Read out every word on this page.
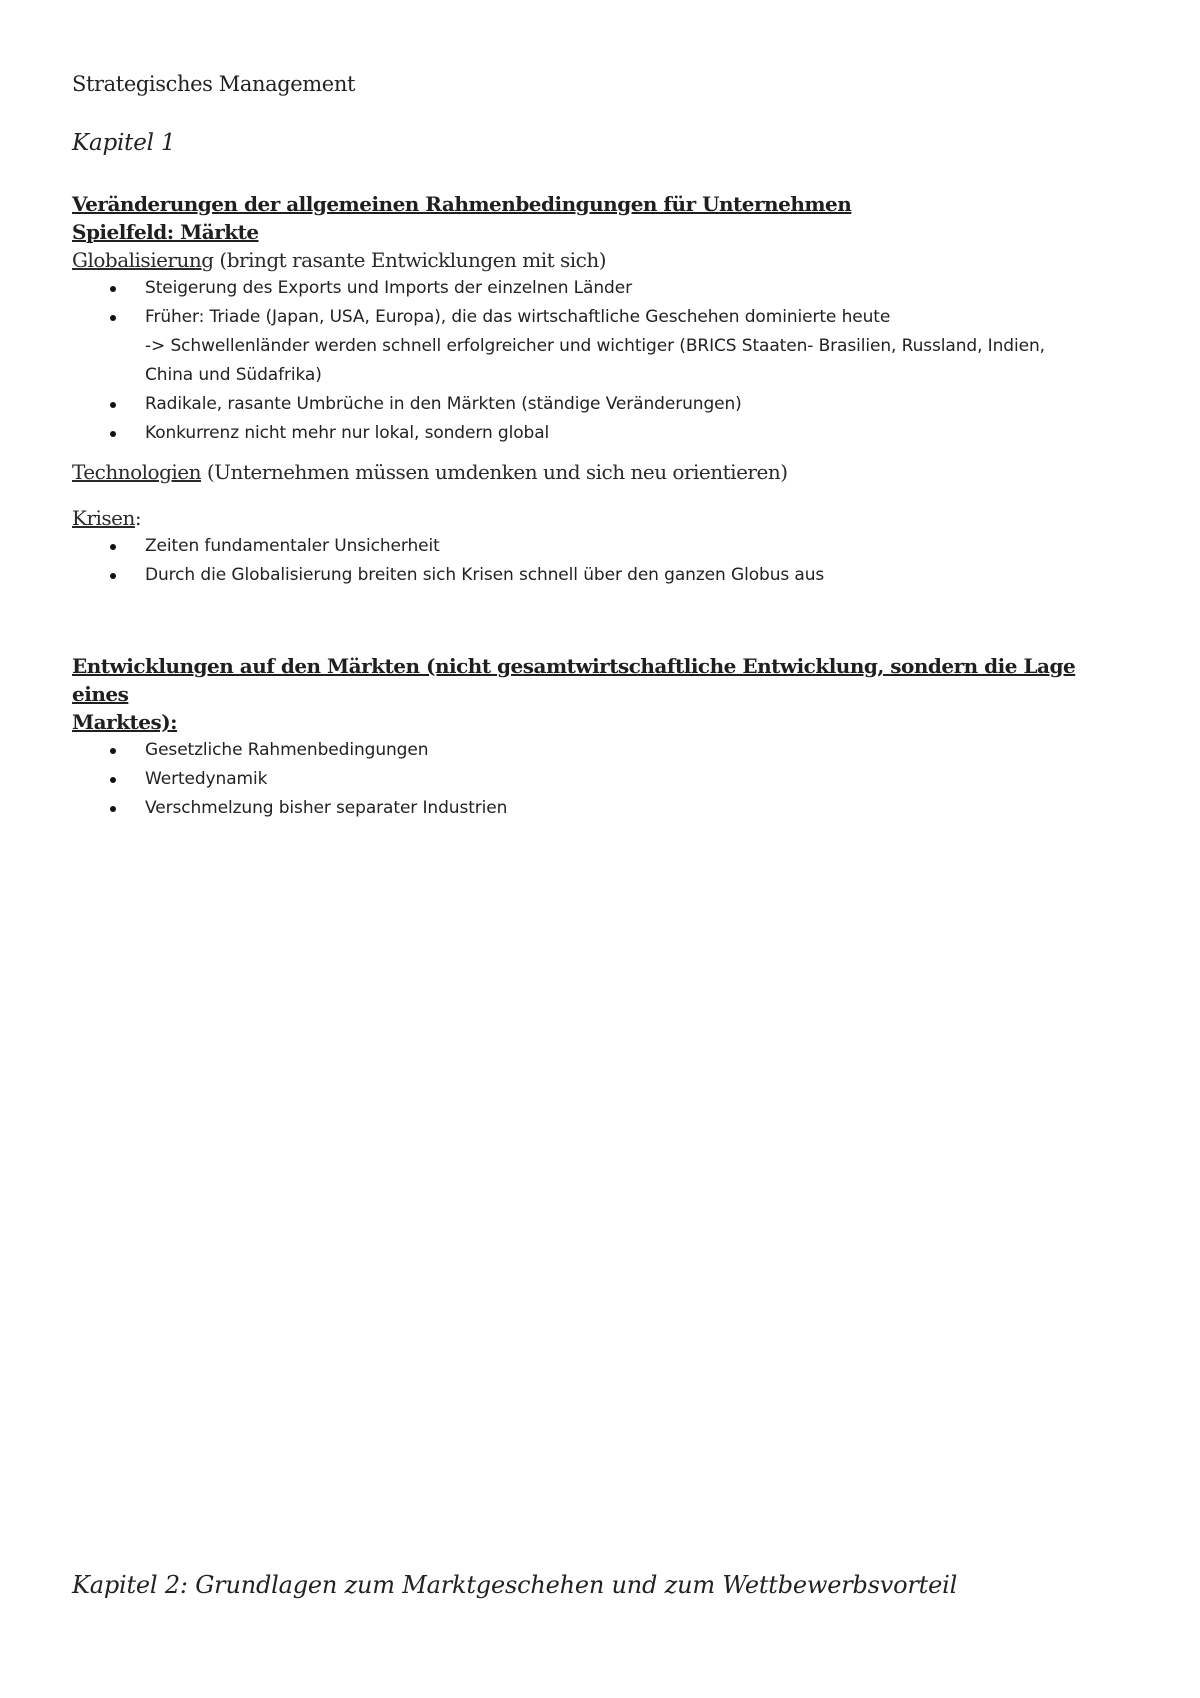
Strategisches Management
Kapitel 1
Veränderungen der allgemeinen Rahmenbedingungen für Unternehmen
Spielfeld: Märkte
Globalisierung (bringt rasante Entwicklungen mit sich)
Steigerung des Exports und Imports der einzelnen Länder
Früher: Triade (Japan, USA, Europa), die das wirtschaftliche Geschehen dominierte heute
-> Schwellenländer werden schnell erfolgreicher und wichtiger (BRICS Staaten- Brasilien, Russland, Indien,
China und Südafrika)
Radikale, rasante Umbrüche in den Märkten (ständige Veränderungen)
Konkurrenz nicht mehr nur lokal, sondern global
Technologien (Unternehmen müssen umdenken und sich neu orientieren)
Krisen:
Zeiten fundamentaler Unsicherheit
Durch die Globalisierung breiten sich Krisen schnell über den ganzen Globus aus
Entwicklungen auf den Märkten (nicht gesamtwirtschaftliche Entwicklung, sondern die Lage eines
Marktes):
Gesetzliche Rahmenbedingungen
Wertedynamik
Verschmelzung bisher separater Industrien
Kapitel 2: Grundlagen zum Marktgeschehen und zum Wettbewerbsvorteil
